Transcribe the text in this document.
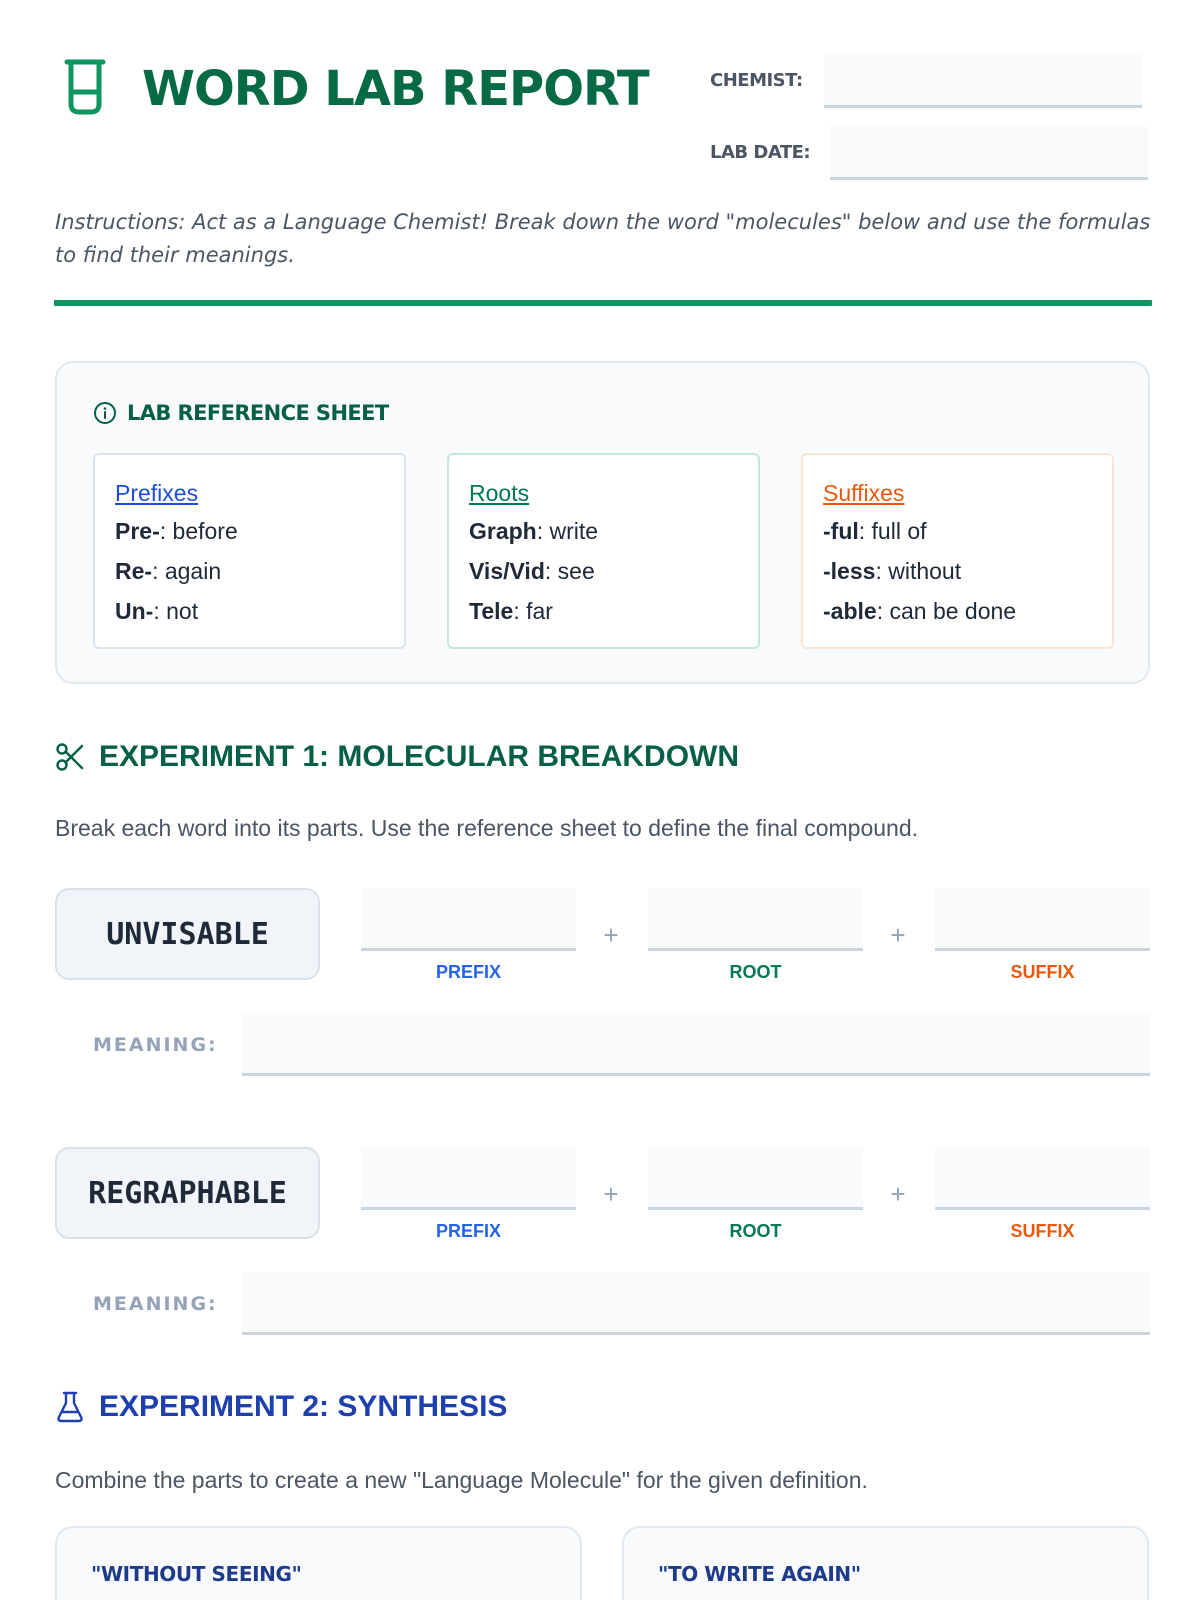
WORD LAB REPORT	CHEMIST:
LAB DATE:
Instructions: Act as a Language Chemist! Break down the word "molecules" below and use the formulas to find their meanings.
LAB REFERENCE SHEET
Prefixes
Pre-: before
Re-: again
Un-: not
Roots
Graph: write
Vis/Vid: see
Tele: far
Suffixes
-ful: full of
-less: without
-able: can be done
EXPERIMENT 1: MOLECULAR BREAKDOWN
Break each word into its parts. Use the reference sheet to define the final compound.
UNVISABLE	+	+
PREFIX	ROOT	SUFFIX
MEANING:
REGRAPHABLE	+	+
PREFIX	ROOT	SUFFIX
MEANING:
EXPERIMENT 2: SYNTHESIS
Combine the parts to create a new "Language Molecule" for the given definition.
"WITHOUT SEEING"	"TO WRITE AGAIN"
